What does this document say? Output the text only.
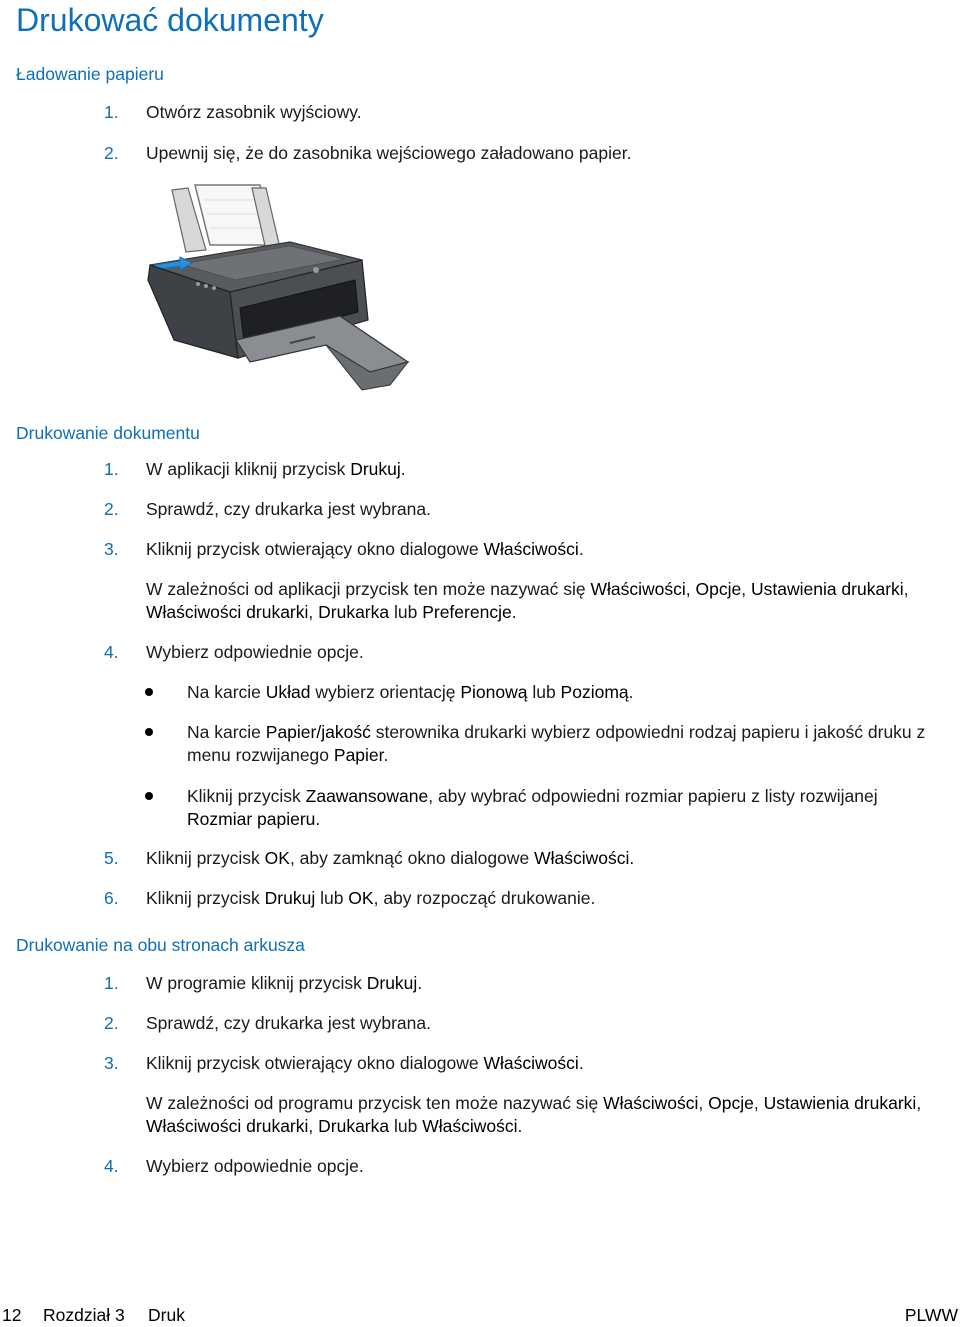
Drukować dokumenty
Ładowanie papieru
1. Otwórz zasobnik wyjściowy.
2. Upewnij się, że do zasobnika wejściowego załadowano papier.
Drukowanie dokumentu
1. W aplikacji kliknij przycisk Drukuj.
2. Sprawdź, czy drukarka jest wybrana.
3. Kliknij przycisk otwierający okno dialogowe Właściwości.
W zależności od aplikacji przycisk ten może nazywać się Właściwości, Opcje, Ustawienia drukarki, Właściwości drukarki, Drukarka lub Preferencje.
4. Wybierz odpowiednie opcje.
Na karcie Układ wybierz orientację Pionową lub Poziomą.
Na karcie Papier/jakość sterownika drukarki wybierz odpowiedni rodzaj papieru i jakość druku z menu rozwijanego Papier.
Kliknij przycisk Zaawansowane, aby wybrać odpowiedni rozmiar papieru z listy rozwijanej Rozmiar papieru.
5. Kliknij przycisk OK, aby zamknąć okno dialogowe Właściwości.
6. Kliknij przycisk Drukuj lub OK, aby rozpocząć drukowanie.
Drukowanie na obu stronach arkusza
1. W programie kliknij przycisk Drukuj.
2. Sprawdź, czy drukarka jest wybrana.
3. Kliknij przycisk otwierający okno dialogowe Właściwości.
W zależności od programu przycisk ten może nazywać się Właściwości, Opcje, Ustawienia drukarki, Właściwości drukarki, Drukarka lub Właściwości.
4. Wybierz odpowiednie opcje.
12 Rozdział 3 Druk	PLWW
